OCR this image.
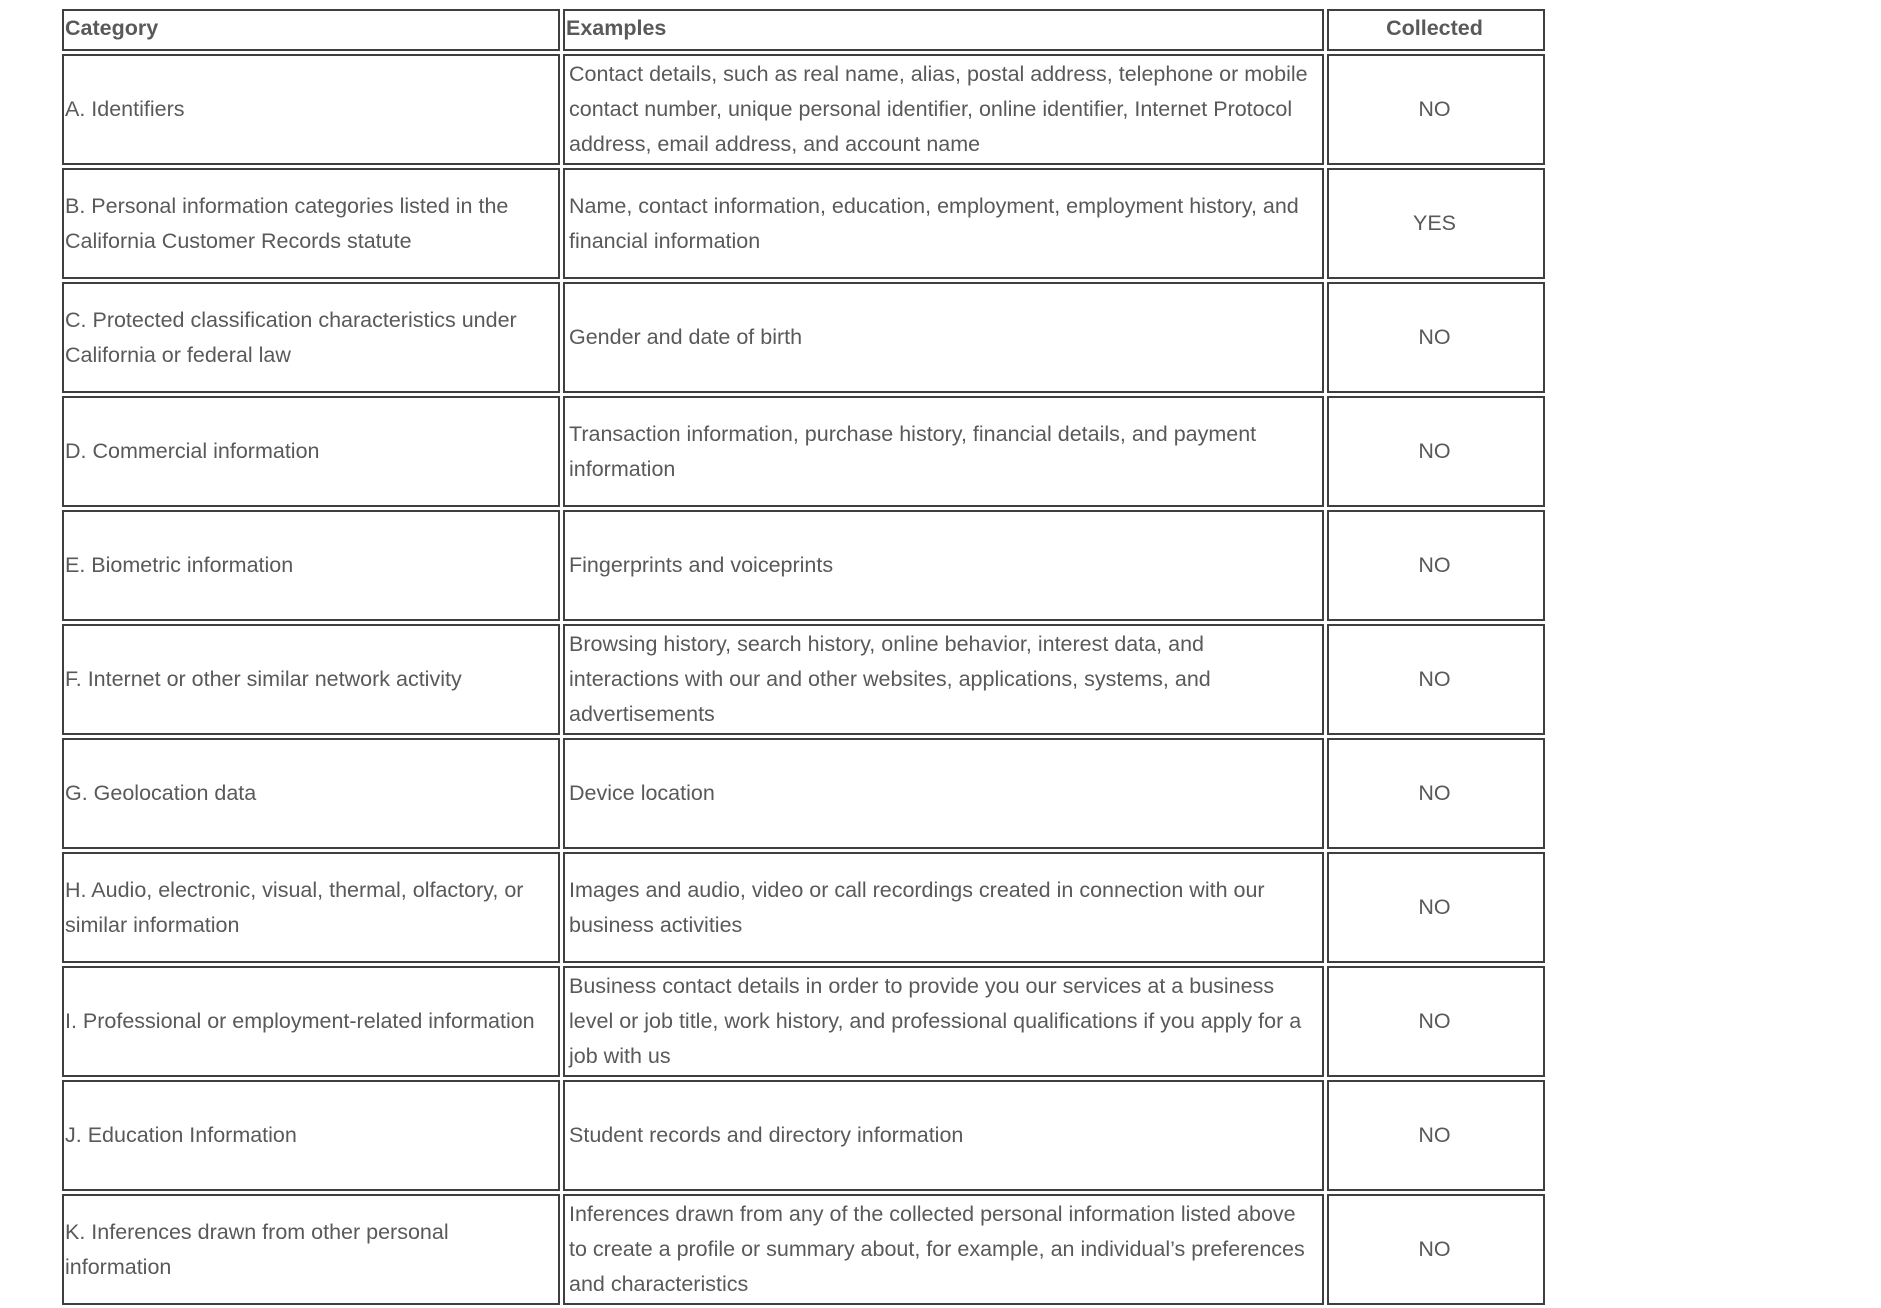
Category	Examples	Collected
A. Identifiers	Contact details, such as real name, alias, postal address, telephone or mobile contact number, unique personal identifier, online identifier, Internet Protocol address, email address, and account name	NO
B. Personal information categories listed in the California Customer Records statute	Name, contact information, education, employment, employment history, and financial information	YES
C. Protected classification characteristics under California or federal law	Gender and date of birth	NO
D. Commercial information	Transaction information, purchase history, financial details, and payment information	NO
E. Biometric information	Fingerprints and voiceprints	NO
F. Internet or other similar network activity	Browsing history, search history, online behavior, interest data, and interactions with our and other websites, applications, systems, and advertisements	NO
G. Geolocation data	Device location	NO
H. Audio, electronic, visual, thermal, olfactory, or similar information	Images and audio, video or call recordings created in connection with our business activities	NO
I. Professional or employment-related information	Business contact details in order to provide you our services at a business level or job title, work history, and professional qualifications if you apply for a job with us	NO
J. Education Information	Student records and directory information	NO
K. Inferences drawn from other personal information	Inferences drawn from any of the collected personal information listed above to create a profile or summary about, for example, an individual’s preferences and characteristics	NO
